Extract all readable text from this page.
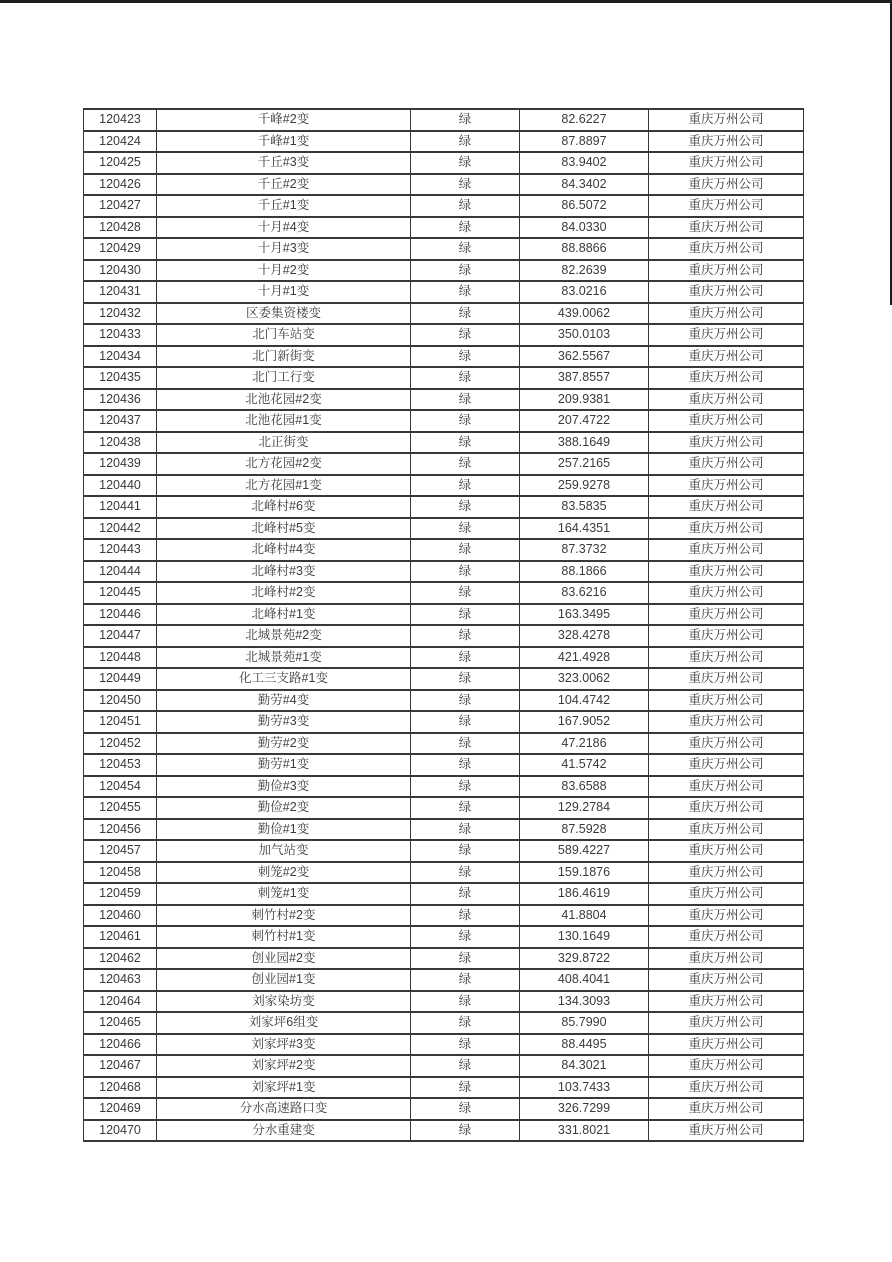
120423	千峰#2变	绿	82.6227	重庆万州公司
120424	千峰#1变	绿	87.8897	重庆万州公司
120425	千丘#3变	绿	83.9402	重庆万州公司
120426	千丘#2变	绿	84.3402	重庆万州公司
120427	千丘#1变	绿	86.5072	重庆万州公司
120428	十月#4变	绿	84.0330	重庆万州公司
120429	十月#3变	绿	88.8866	重庆万州公司
120430	十月#2变	绿	82.2639	重庆万州公司
120431	十月#1变	绿	83.0216	重庆万州公司
120432	区委集资楼变	绿	439.0062	重庆万州公司
120433	北门车站变	绿	350.0103	重庆万州公司
120434	北门新街变	绿	362.5567	重庆万州公司
120435	北门工行变	绿	387.8557	重庆万州公司
120436	北池花园#2变	绿	209.9381	重庆万州公司
120437	北池花园#1变	绿	207.4722	重庆万州公司
120438	北正街变	绿	388.1649	重庆万州公司
120439	北方花园#2变	绿	257.2165	重庆万州公司
120440	北方花园#1变	绿	259.9278	重庆万州公司
120441	北峰村#6变	绿	83.5835	重庆万州公司
120442	北峰村#5变	绿	164.4351	重庆万州公司
120443	北峰村#4变	绿	87.3732	重庆万州公司
120444	北峰村#3变	绿	88.1866	重庆万州公司
120445	北峰村#2变	绿	83.6216	重庆万州公司
120446	北峰村#1变	绿	163.3495	重庆万州公司
120447	北城景苑#2变	绿	328.4278	重庆万州公司
120448	北城景苑#1变	绿	421.4928	重庆万州公司
120449	化工三支路#1变	绿	323.0062	重庆万州公司
120450	勤劳#4变	绿	104.4742	重庆万州公司
120451	勤劳#3变	绿	167.9052	重庆万州公司
120452	勤劳#2变	绿	47.2186	重庆万州公司
120453	勤劳#1变	绿	41.5742	重庆万州公司
120454	勤俭#3变	绿	83.6588	重庆万州公司
120455	勤俭#2变	绿	129.2784	重庆万州公司
120456	勤俭#1变	绿	87.5928	重庆万州公司
120457	加气站变	绿	589.4227	重庆万州公司
120458	刺笼#2变	绿	159.1876	重庆万州公司
120459	刺笼#1变	绿	186.4619	重庆万州公司
120460	刺竹村#2变	绿	41.8804	重庆万州公司
120461	刺竹村#1变	绿	130.1649	重庆万州公司
120462	创业园#2变	绿	329.8722	重庆万州公司
120463	创业园#1变	绿	408.4041	重庆万州公司
120464	刘家染坊变	绿	134.3093	重庆万州公司
120465	刘家坪6组变	绿	85.7990	重庆万州公司
120466	刘家坪#3变	绿	88.4495	重庆万州公司
120467	刘家坪#2变	绿	84.3021	重庆万州公司
120468	刘家坪#1变	绿	103.7433	重庆万州公司
120469	分水高速路口变	绿	326.7299	重庆万州公司
120470	分水重建变	绿	331.8021	重庆万州公司
